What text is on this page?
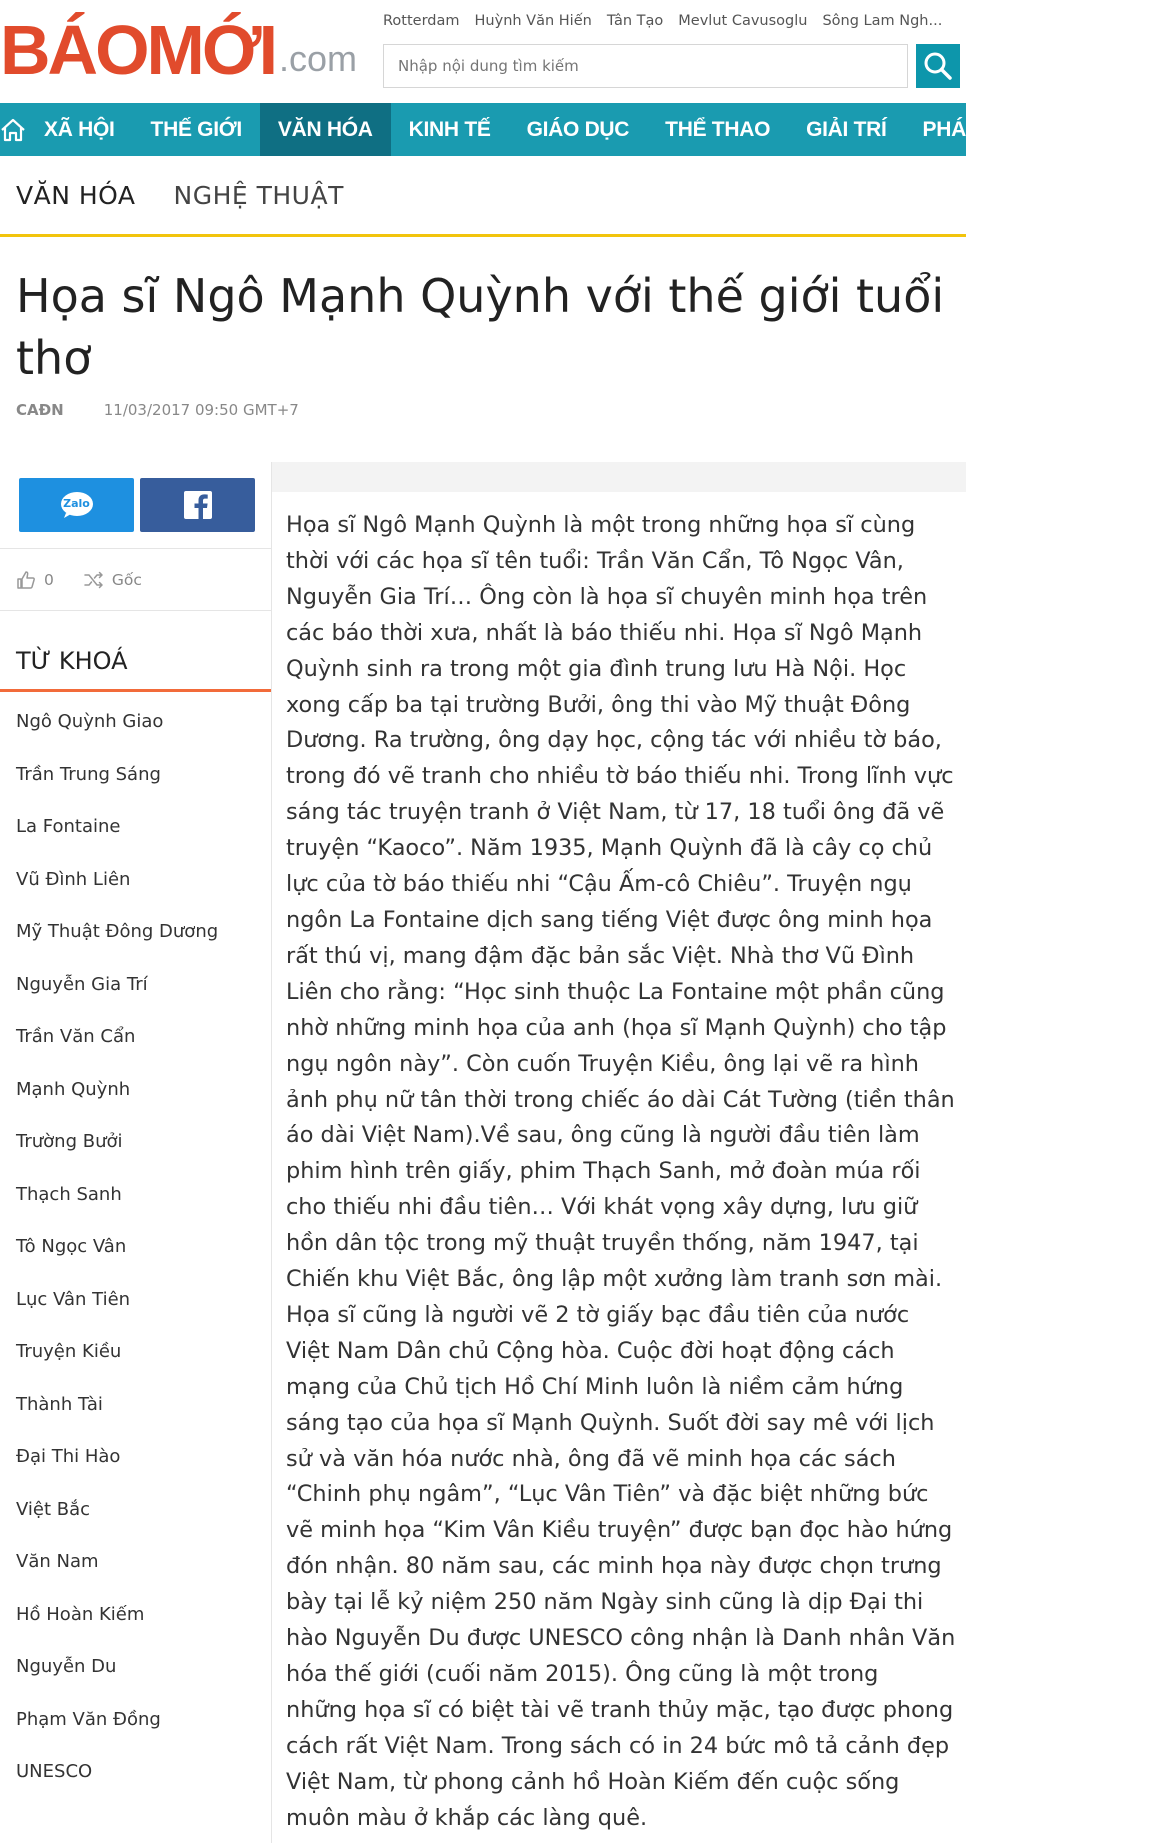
BÁOMỚI .com
Rotterdam Huỳnh Văn Hiến Tân Tạo Mevlut Cavusoglu Sông Lam Ngh...
Nhập nội dung tìm kiếm
XÃ HỘI	THẾ GIỚI	VĂN HÓA	KINH TẾ	GIÁO DỤC	THỂ THAO	GIẢI TRÍ	PHÁP LUẬT	KHOA
VĂN HÓA NGHỆ THUẬT
Họa sĩ Ngô Mạnh Quỳnh với thế giới tuổi thơ
CAĐN	11/03/2017 09:50 GMT+7
Zalo
0	Gốc
TỪ KHOÁ
Ngô Quỳnh Giao
Trần Trung Sáng
La Fontaine
Vũ Đình Liên
Mỹ Thuật Đông Dương
Nguyễn Gia Trí
Trần Văn Cẩn
Mạnh Quỳnh
Trường Bưởi
Thạch Sanh
Tô Ngọc Vân
Lục Vân Tiên
Truyện Kiều
Thành Tài
Đại Thi Hào
Việt Bắc
Văn Nam
Hồ Hoàn Kiếm
Nguyễn Du
Phạm Văn Đồng
UNESCO
Họa sĩ Ngô Mạnh Quỳnh là một trong những họa sĩ cùng thời với các họa sĩ tên tuổi: Trần Văn Cẩn, Tô Ngọc Vân, Nguyễn Gia Trí… Ông còn là họa sĩ chuyên minh họa trên các báo thời xưa, nhất là báo thiếu nhi. Họa sĩ Ngô Mạnh Quỳnh sinh ra trong một gia đình trung lưu Hà Nội. Học xong cấp ba tại trường Bưởi, ông thi vào Mỹ thuật Đông Dương. Ra trường, ông dạy học, cộng tác với nhiều tờ báo, trong đó vẽ tranh cho nhiều tờ báo thiếu nhi. Trong lĩnh vực sáng tác truyện tranh ở Việt Nam, từ 17, 18 tuổi ông đã vẽ truyện “Kaoco”. Năm 1935, Mạnh Quỳnh đã là cây cọ chủ lực của tờ báo thiếu nhi “Cậu Ấm-cô Chiêu”. Truyện ngụ ngôn La Fontaine dịch sang tiếng Việt được ông minh họa rất thú vị, mang đậm đặc bản sắc Việt. Nhà thơ Vũ Đình Liên cho rằng: “Học sinh thuộc La Fontaine một phần cũng nhờ những minh họa của anh (họa sĩ Mạnh Quỳnh) cho tập ngụ ngôn này”. Còn cuốn Truyện Kiều, ông lại vẽ ra hình ảnh phụ nữ tân thời trong chiếc áo dài Cát Tường (tiền thân áo dài Việt Nam).Về sau, ông cũng là người đầu tiên làm phim hình trên giấy, phim Thạch Sanh, mở đoàn múa rối cho thiếu nhi đầu tiên… Với khát vọng xây dựng, lưu giữ hồn dân tộc trong mỹ thuật truyền thống, năm 1947, tại Chiến khu Việt Bắc, ông lập một xưởng làm tranh sơn mài. Họa sĩ cũng là người vẽ 2 tờ giấy bạc đầu tiên của nước Việt Nam Dân chủ Cộng hòa. Cuộc đời hoạt động cách mạng của Chủ tịch Hồ Chí Minh luôn là niềm cảm hứng sáng tạo của họa sĩ Mạnh Quỳnh. Suốt đời say mê với lịch sử và văn hóa nước nhà, ông đã vẽ minh họa các sách “Chinh phụ ngâm”, “Lục Vân Tiên” và đặc biệt những bức vẽ minh họa “Kim Vân Kiều truyện” được bạn đọc hào hứng đón nhận. 80 năm sau, các minh họa này được chọn trưng bày tại lễ kỷ niệm 250 năm Ngày sinh cũng là dịp Đại thi hào Nguyễn Du được UNESCO công nhận là Danh nhân Văn hóa thế giới (cuối năm 2015). Ông cũng là một trong những họa sĩ có biệt tài vẽ tranh thủy mặc, tạo được phong cách rất Việt Nam. Trong sách có in 24 bức mô tả cảnh đẹp Việt Nam, từ phong cảnh hồ Hoàn Kiếm đến cuộc sống muôn màu ở khắp các làng quê.
